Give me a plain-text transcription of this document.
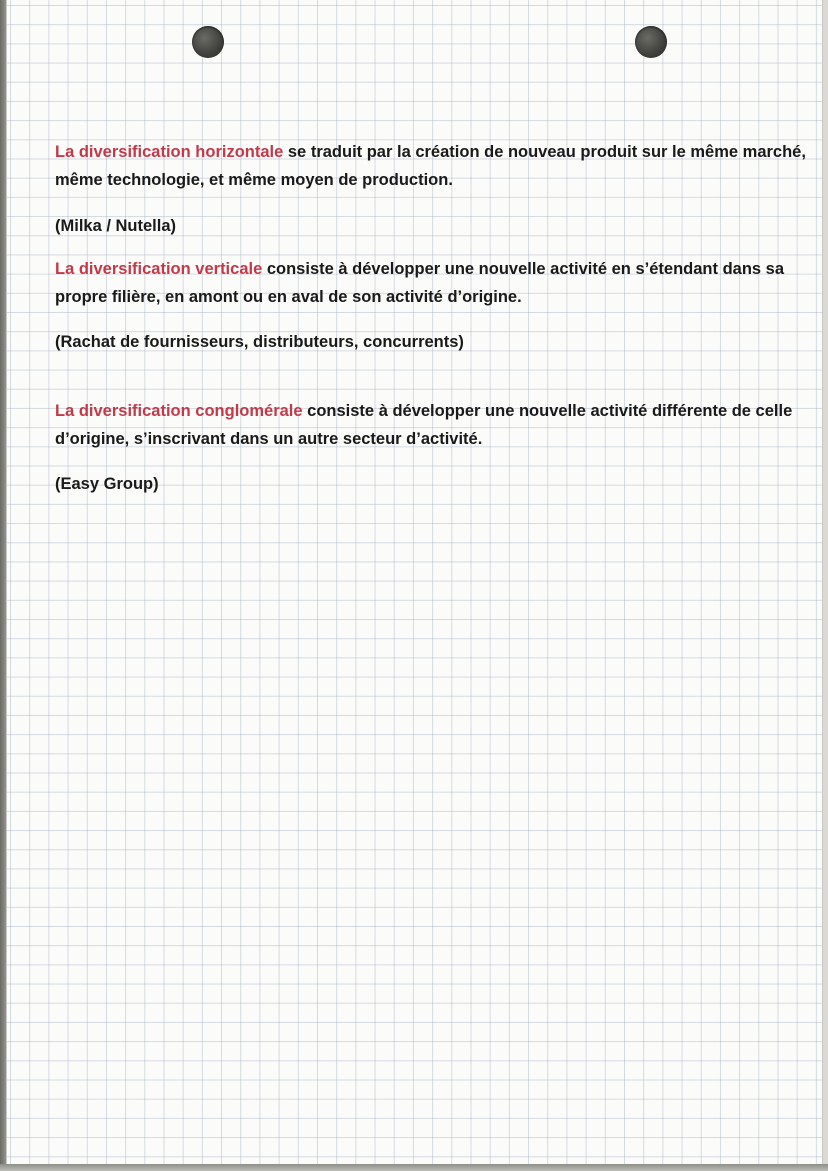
La diversification horizontale se traduit par la création de nouveau produit sur le même marché, même technologie, et même moyen de production.

(Milka / Nutella)

La diversification verticale consiste à développer une nouvelle activité en s’étendant dans sa propre filière, en amont ou en aval de son activité d’origine.

(Rachat de fournisseurs, distributeurs, concurrents)

La diversification conglomérale consiste à développer une nouvelle activité différente de celle d’origine, s’inscrivant dans un autre secteur d’activité.

(Easy Group)
